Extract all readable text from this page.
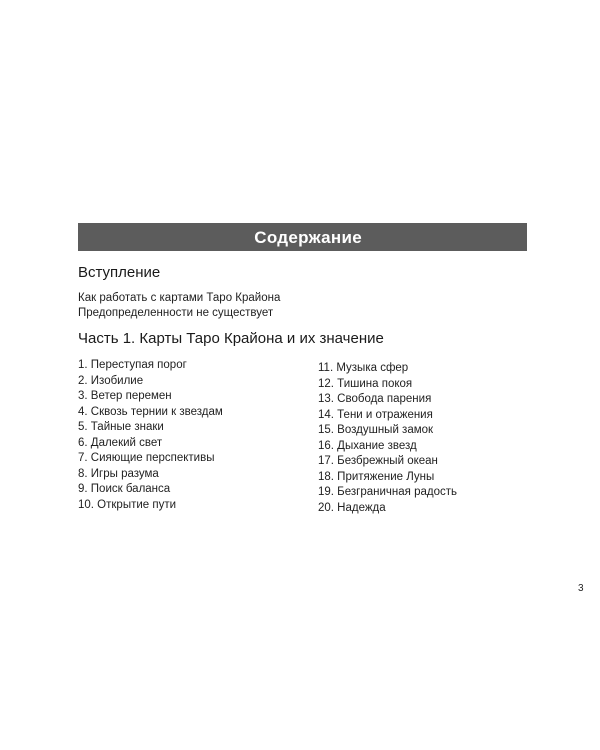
Содержание
Вступление
Как работать с картами Таро Крайона
Предопределенности не существует
Часть 1. Карты Таро Крайона и их значение
1. Переступая порог
2. Изобилие
3. Ветер перемен
4. Сквозь тернии к звездам
5. Тайные знаки
6. Далекий свет
7. Сияющие перспективы
8. Игры разума
9. Поиск баланса
10. Открытие пути
11. Музыка сфер
12. Тишина покоя
13. Свобода парения
14. Тени и отражения
15. Воздушный замок
16. Дыхание звезд
17. Безбрежный океан
18. Притяжение Луны
19. Безграничная радость
20. Надежда
3
